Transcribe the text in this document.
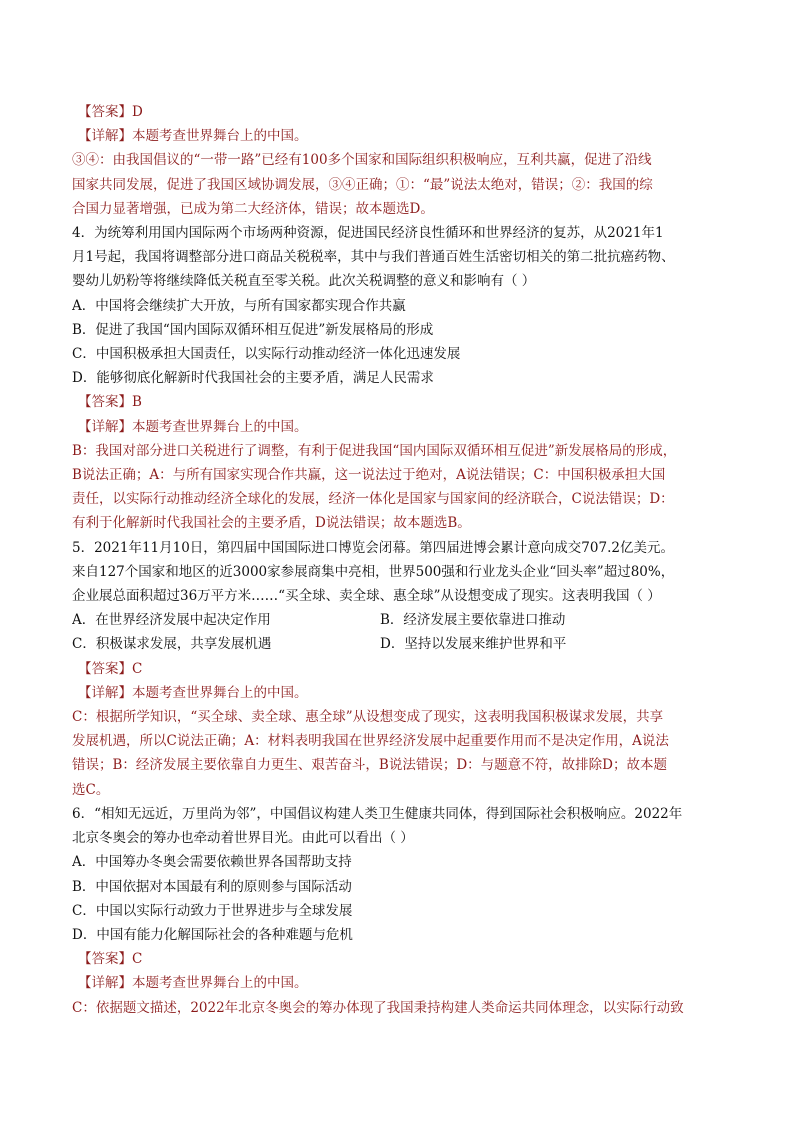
【答案】D
【详解】本题考查世界舞台上的中国。
③④：由我国倡议的“一带一路”已经有100多个国家和国际组织积极响应，互利共赢，促进了沿线
国家共同发展，促进了我国区域协调发展，③④正确；①：“最”说法太绝对，错误；②：我国的综
合国力显著增强，已成为第二大经济体，错误；故本题选D。
4．为统筹利用国内国际两个市场两种资源，促进国民经济良性循环和世界经济的复苏，从2021年1
月1号起，我国将调整部分进口商品关税税率，其中与我们普通百姓生活密切相关的第二批抗癌药物、
婴幼儿奶粉等将继续降低关税直至零关税。此次关税调整的意义和影响有（ ）
A．中国将会继续扩大开放，与所有国家都实现合作共赢
B．促进了我国“国内国际双循环相互促进”新发展格局的形成
C．中国积极承担大国责任，以实际行动推动经济一体化迅速发展
D．能够彻底化解新时代我国社会的主要矛盾，满足人民需求
【答案】B
【详解】本题考查世界舞台上的中国。
B：我国对部分进口关税进行了调整，有利于促进我国“国内国际双循环相互促进”新发展格局的形成，
B说法正确；A：与所有国家实现合作共赢，这一说法过于绝对，A说法错误；C：中国积极承担大国
责任，以实际行动推动经济全球化的发展，经济一体化是国家与国家间的经济联合，C说法错误；D：
有利于化解新时代我国社会的主要矛盾，D说法错误；故本题选B。
5．2021年11月10日，第四届中国国际进口博览会闭幕。第四届进博会累计意向成交707.2亿美元。
来自127个国家和地区的近3000家参展商集中亮相，世界500强和行业龙头企业“回头率”超过80%，
企业展总面积超过36万平方米……“买全球、卖全球、惠全球”从设想变成了现实。这表明我国（ ）
A．在世界经济发展中起决定作用	B．经济发展主要依靠进口推动
C．积极谋求发展，共享发展机遇	D．坚持以发展来维护世界和平
【答案】C
【详解】本题考查世界舞台上的中国。
C：根据所学知识，“买全球、卖全球、惠全球”从设想变成了现实，这表明我国积极谋求发展，共享
发展机遇，所以C说法正确；A：材料表明我国在世界经济发展中起重要作用而不是决定作用，A说法
错误；B：经济发展主要依靠自力更生、艰苦奋斗，B说法错误；D：与题意不符，故排除D；故本题
选C。
6．“相知无远近，万里尚为邻”，中国倡议构建人类卫生健康共同体，得到国际社会积极响应。2022年
北京冬奥会的筹办也牵动着世界目光。由此可以看出（ ）
A．中国筹办冬奥会需要依赖世界各国帮助支持
B．中国依据对本国最有利的原则参与国际活动
C．中国以实际行动致力于世界进步与全球发展
D．中国有能力化解国际社会的各种难题与危机
【答案】C
【详解】本题考查世界舞台上的中国。
C：依据题文描述，2022年北京冬奥会的筹办体现了我国秉持构建人类命运共同体理念，以实际行动致
